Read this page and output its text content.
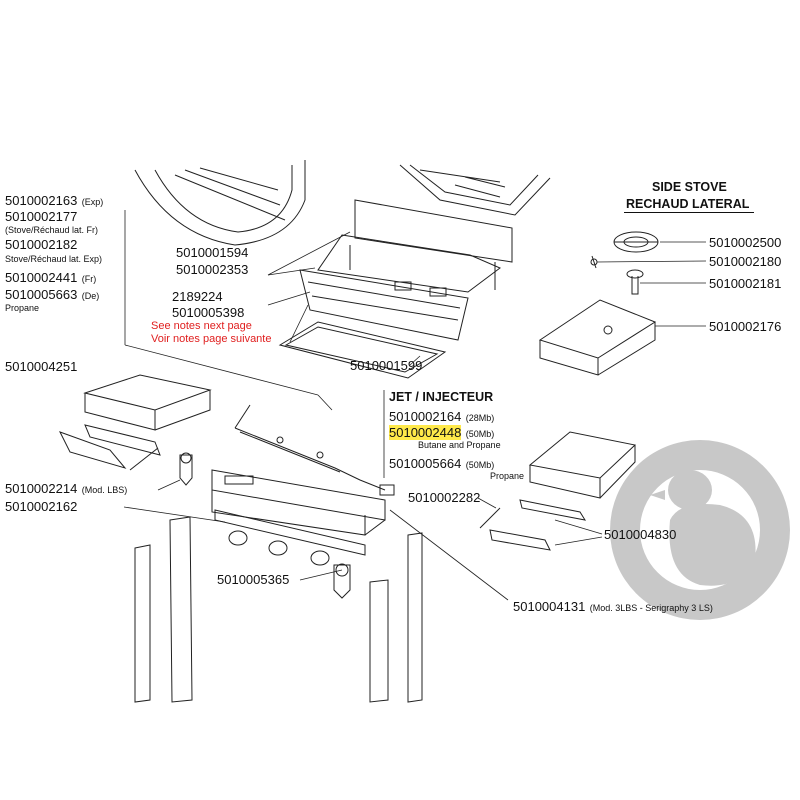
5010002163 (Exp)
5010002177
(Stove/Réchaud lat. Fr)
5010002182
Stove/Réchaud lat. Exp)
5010002441 (Fr)
5010005663 (De)
Propane
5010001594
5010002353
2189224
5010005398
See notes next page
Voir notes page suivante
5010001599
SIDE STOVE
RECHAUD LATERAL
5010002500
5010002180
5010002181
5010002176
JET / INJECTEUR
5010002164 (28Mb)
5010002448 (50Mb)
Butane and Propane
5010005664 (50Mb)
Propane
5010004251
5010002214 (Mod. LBS)
5010002162
5010005365
5010004131 (Mod. 3LBS - Serigraphy 3 LS)
5010002282
5010004830
